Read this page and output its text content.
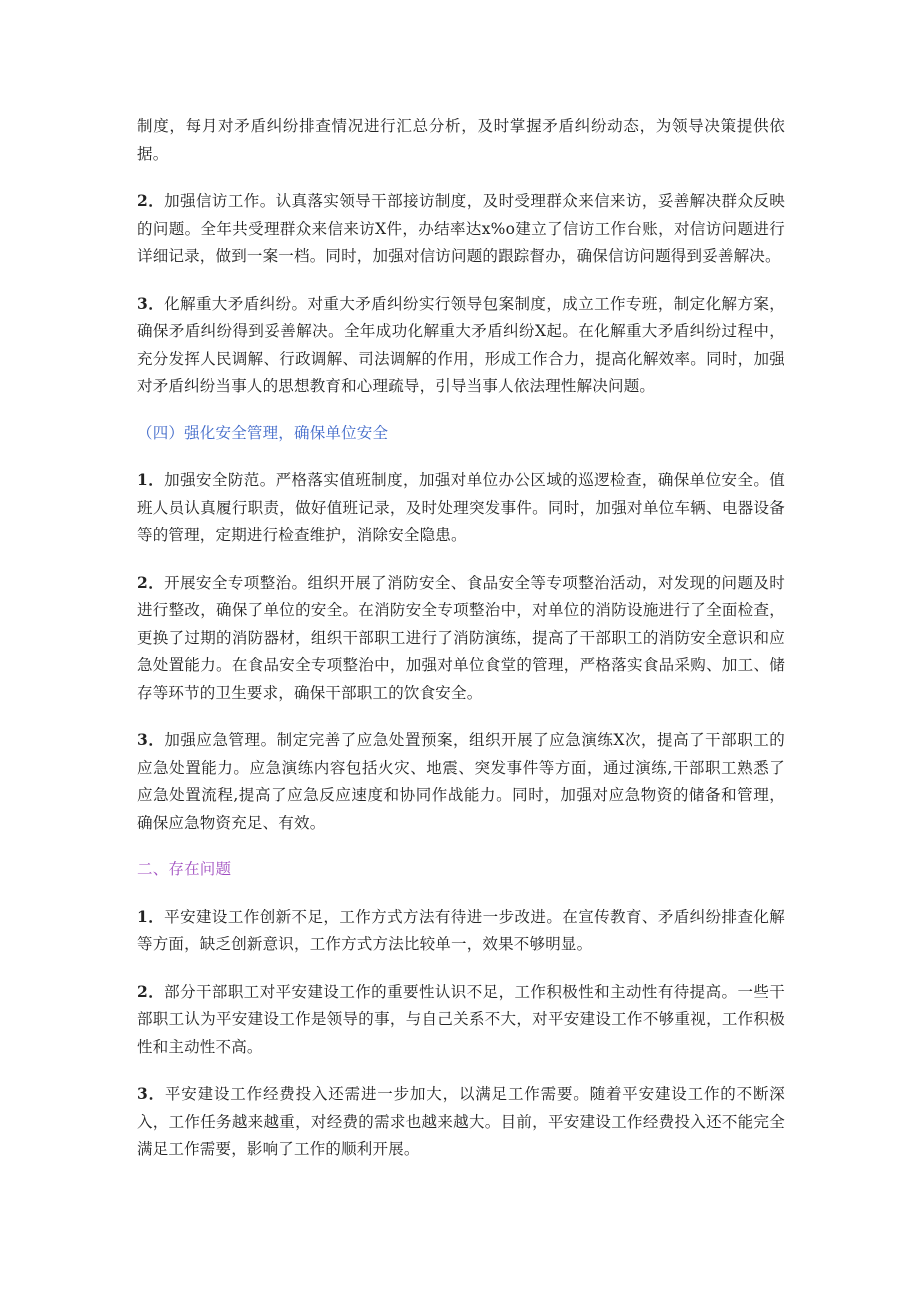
制度，每月对矛盾纠纷排查情况进行汇总分析，及时掌握矛盾纠纷动态，为领导决策提供依据。

2．加强信访工作。认真落实领导干部接访制度，及时受理群众来信来访，妥善解决群众反映的问题。全年共受理群众来信来访X件，办结率达x%o建立了信访工作台账，对信访问题进行详细记录，做到一案一档。同时，加强对信访问题的跟踪督办，确保信访问题得到妥善解决。

3．化解重大矛盾纠纷。对重大矛盾纠纷实行领导包案制度，成立工作专班，制定化解方案，确保矛盾纠纷得到妥善解决。全年成功化解重大矛盾纠纷X起。在化解重大矛盾纠纷过程中，充分发挥人民调解、行政调解、司法调解的作用，形成工作合力，提高化解效率。同时，加强对矛盾纠纷当事人的思想教育和心理疏导，引导当事人依法理性解决问题。

（四）强化安全管理，确保单位安全

1．加强安全防范。严格落实值班制度，加强对单位办公区域的巡逻检查，确保单位安全。值班人员认真履行职责，做好值班记录，及时处理突发事件。同时，加强对单位车辆、电器设备等的管理，定期进行检查维护，消除安全隐患。

2．开展安全专项整治。组织开展了消防安全、食品安全等专项整治活动，对发现的问题及时进行整改，确保了单位的安全。在消防安全专项整治中，对单位的消防设施进行了全面检查，更换了过期的消防器材，组织干部职工进行了消防演练，提高了干部职工的消防安全意识和应急处置能力。在食品安全专项整治中，加强对单位食堂的管理，严格落实食品采购、加工、储存等环节的卫生要求，确保干部职工的饮食安全。

3．加强应急管理。制定完善了应急处置预案，组织开展了应急演练X次，提高了干部职工的应急处置能力。应急演练内容包括火灾、地震、突发事件等方面，通过演练,干部职工熟悉了应急处置流程,提高了应急反应速度和协同作战能力。同时，加强对应急物资的储备和管理，确保应急物资充足、有效。

二、存在问题

1．平安建设工作创新不足，工作方式方法有待进一步改进。在宣传教育、矛盾纠纷排查化解等方面，缺乏创新意识，工作方式方法比较单一，效果不够明显。

2．部分干部职工对平安建设工作的重要性认识不足，工作积极性和主动性有待提高。一些干部职工认为平安建设工作是领导的事，与自己关系不大，对平安建设工作不够重视，工作积极性和主动性不高。

3．平安建设工作经费投入还需进一步加大，以满足工作需要。随着平安建设工作的不断深入，工作任务越来越重，对经费的需求也越来越大。目前，平安建设工作经费投入还不能完全满足工作需要，影响了工作的顺利开展。
